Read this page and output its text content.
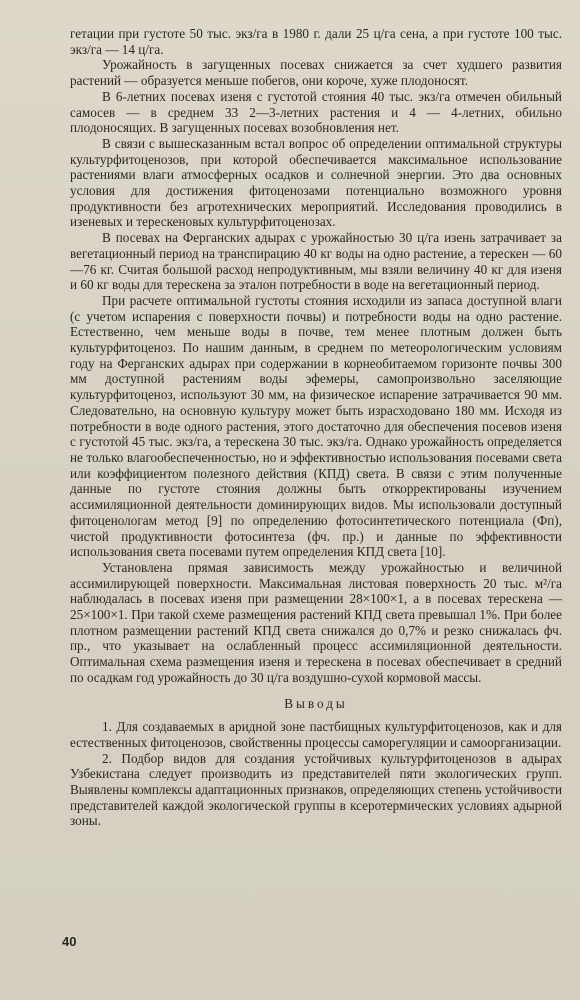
гетации при густоте 50 тыс. экз/га в 1980 г. дали 25 ц/га сена, а при густоте 100 тыс. экз/га — 14 ц/га.

Урожайность в загущенных посевах снижается за счет худшего развития растений — образуется меньше побегов, они короче, хуже плодоносят.

В 6-летних посевах изеня с густотой стояния 40 тыс. экз/га отмечен обильный самосев — в среднем 33 2—3-летних растения и 4 — 4-летних, обильно плодоносящих. В загущенных посевах возобновления нет.

В связи с вышесказанным встал вопрос об определении оптимальной структуры культурфитоценозов, при которой обеспечивается максимальное использование растениями влаги атмосферных осадков и солнечной энергии. Это два основных условия для достижения фитоценозами потенциально возможного уровня продуктивности без агротехнических мероприятий. Исследования проводились в изеневых и терескеновых культурфитоценозах.

В посевах на Ферганских адырах с урожайностью 30 ц/га изень затрачивает за вегетационный период на транспирацию 40 кг воды на одно растение, а терескен — 60—76 кг. Считая большой расход непродуктивным, мы взяли величину 40 кг для изеня и 60 кг воды для терескена за эталон потребности в воде на вегетационный период.

При расчете оптимальной густоты стояния исходили из запаса доступной влаги (с учетом испарения с поверхности почвы) и потребности воды на одно растение. Естественно, чем меньше воды в почве, тем менее плотным должен быть культурфитоценоз. По нашим данным, в среднем по метеорологическим условиям году на Ферганских адырах при содержании в корнеобитаемом горизонте почвы 300 мм доступной растениям воды эфемеры, самопроизвольно заселяющие культурфитоценоз, используют 30 мм, на физическое испарение затрачивается 90 мм. Следовательно, на основную культуру может быть израсходовано 180 мм. Исходя из потребности в воде одного растения, этого достаточно для обеспечения посевов изеня с густотой 45 тыс. экз/га, а терескена 30 тыс. экз/га. Однако урожайность определяется не только влагообеспеченностью, но и эффективностью использования посевами света или коэффициентом полезного действия (КПД) света. В связи с этим полученные данные по густоте стояния должны быть откорректированы изучением ассимиляционной деятельности доминирующих видов. Мы использовали доступный фитоценологам метод [9] по определению фотосинтетического потенциала (Фп), чистой продуктивности фотосинтеза (фч. пр.) и данные по эффективности использования света посевами путем определения КПД света [10].

Установлена прямая зависимость между урожайностью и величиной ассимилирующей поверхности. Максимальная листовая поверхность 20 тыс. м²/га наблюдалась в посевах изеня при размещении 28×100×1, а в посевах терескена — 25×100×1. При такой схеме размещения растений КПД света превышал 1%. При более плотном размещении растений КПД света снижался до 0,7% и резко снижалась фч. пр., что указывает на ослабленный процесс ассимиляционной деятельности. Оптимальная схема размещения изеня и терескена в посевах обеспечивает в средний по осадкам год урожайность до 30 ц/га воздушно-сухой кормовой массы.

Выводы

1. Для создаваемых в аридной зоне пастбищных культурфитоценозов, как и для естественных фитоценозов, свойственны процессы саморегуляции и самоорганизации.

2. Подбор видов для создания устойчивых культурфитоценозов в адырах Узбекистана следует производить из представителей пяти экологических групп. Выявлены комплексы адаптационных признаков, определяющих степень устойчивости представителей каждой экологической группы в ксеротермических условиях адырной зоны.

40
